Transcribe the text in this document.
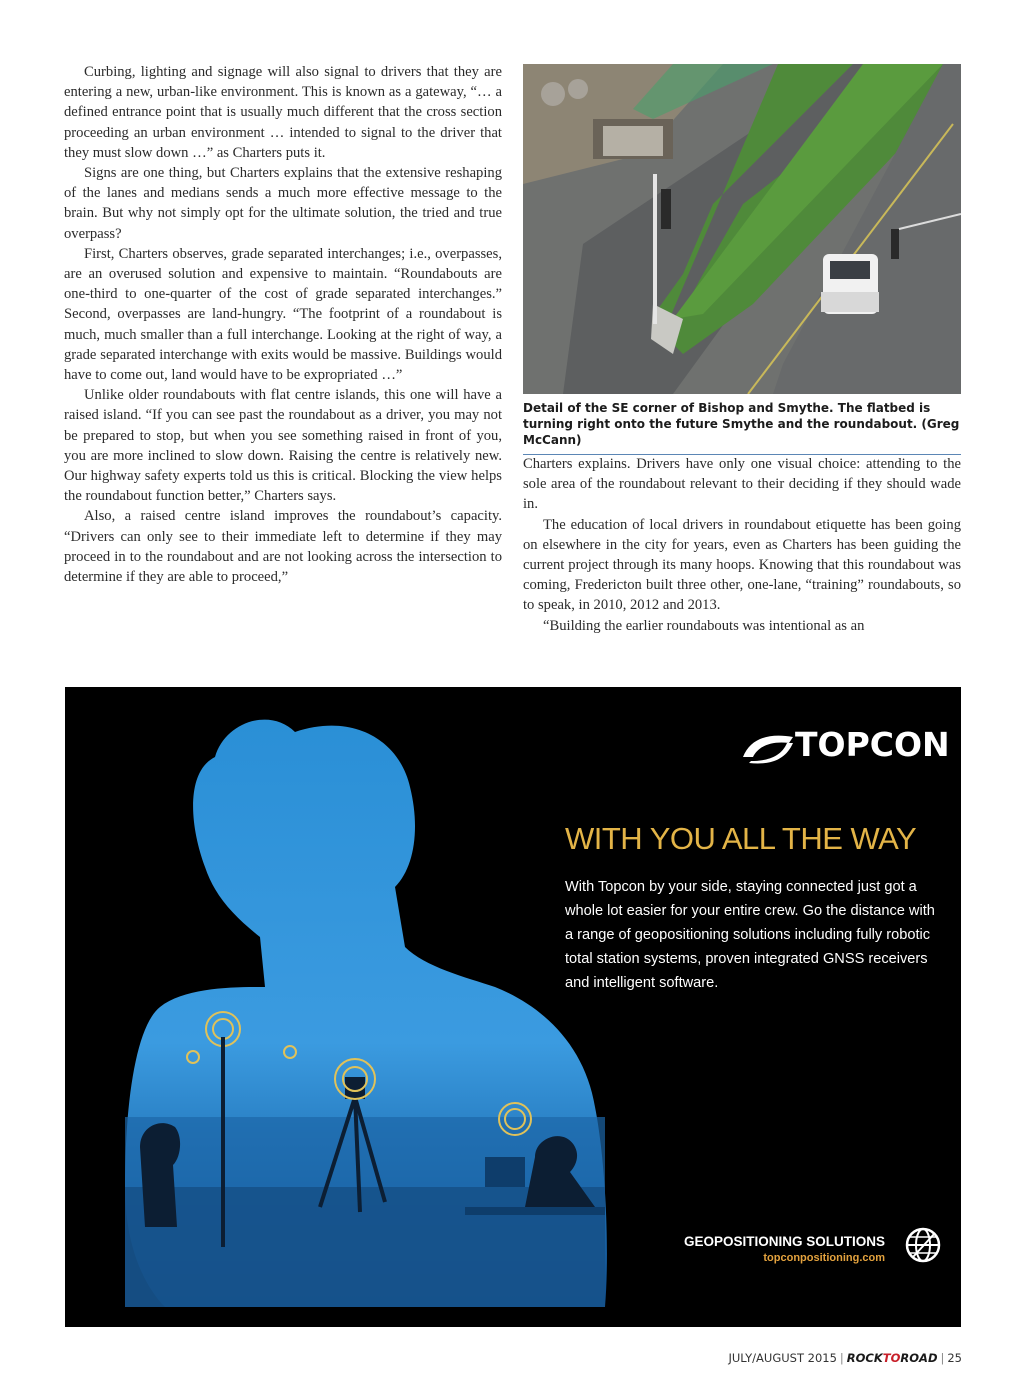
Curbing, lighting and signage will also signal to drivers that they are entering a new, urban-like environment. This is known as a gateway, “… a defined entrance point that is usually much different that the cross section proceeding an urban environment … intended to signal to the driver that they must slow down …” as Charters puts it.

Signs are one thing, but Charters explains that the extensive reshaping of the lanes and medians sends a much more effective message to the brain. But why not simply opt for the ultimate solution, the tried and true overpass?

First, Charters observes, grade separated interchanges; i.e., overpasses, are an overused solution and expensive to maintain. “Roundabouts are one-third to one-quarter of the cost of grade separated interchanges.” Second, overpasses are land-hungry. “The footprint of a roundabout is much, much smaller than a full interchange. Looking at the right of way, a grade separated interchange with exits would be massive. Buildings would have to come out, land would have to be expropriated …”

Unlike older roundabouts with flat centre islands, this one will have a raised island. “If you can see past the roundabout as a driver, you may not be prepared to stop, but when you see something raised in front of you, you are more inclined to slow down. Raising the centre is relatively new. Our highway safety experts told us this is critical. Blocking the view helps the roundabout function better,” Charters says.

Also, a raised centre island improves the roundabout’s capacity. “Drivers can only see to their immediate left to determine if they may proceed in to the roundabout and are not looking across the intersection to determine if they are able to proceed,”

Detail of the SE corner of Bishop and Smythe. The flatbed is turning right onto the future Smythe and the roundabout. (Greg McCann)

Charters explains. Drivers have only one visual choice: attending to the sole area of the roundabout relevant to their deciding if they should wade in.

The education of local drivers in roundabout etiquette has been going on elsewhere in the city for years, even as Charters has been guiding the current project through its many hoops. Knowing that this roundabout was coming, Fredericton built three other, one-lane, “training” roundabouts, so to speak, in 2010, 2012 and 2013.

“Building the earlier roundabouts was intentional as an

TOPCON
WITH YOU ALL THE WAY
With Topcon by your side, staying connected just got a whole lot easier for your entire crew. Go the distance with a range of geopositioning solutions including fully robotic total station systems, proven integrated GNSS receivers and intelligent software.
GEOPOSITIONING SOLUTIONS
topconpositioning.com
JULY/AUGUST 2015 | ROCKTOROAD | 25
